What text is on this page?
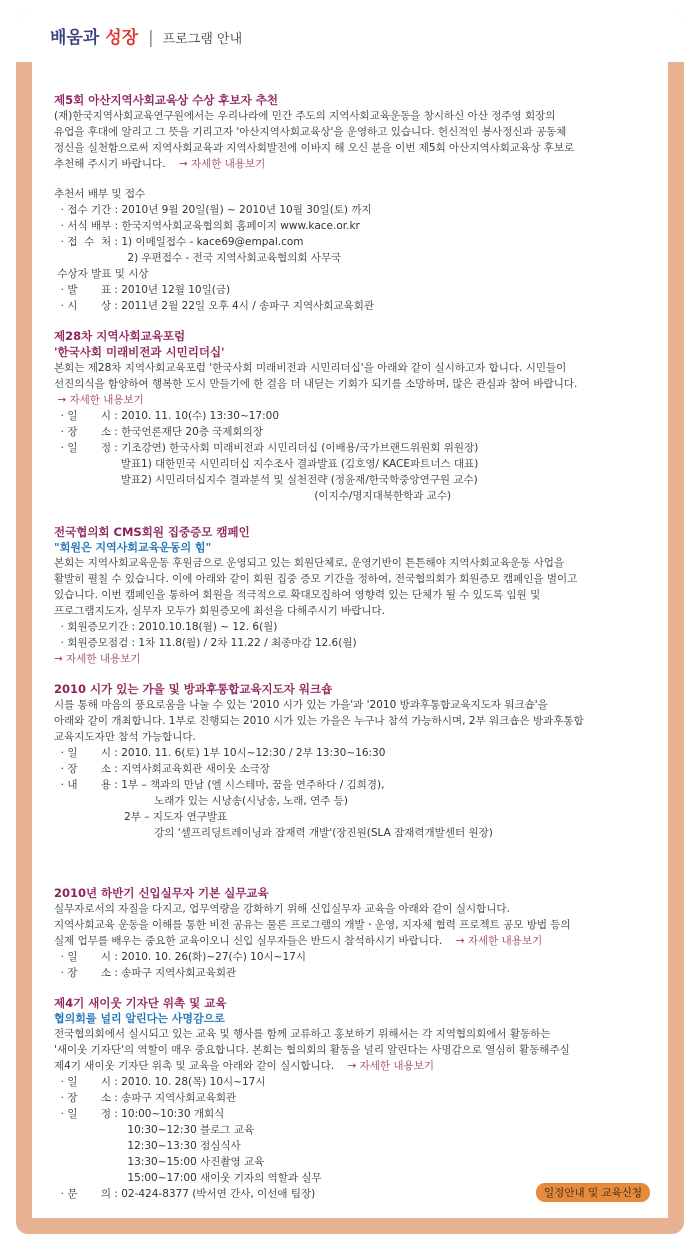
배움과 성장 | 프로그램 안내	▶ Top
제5회 아산지역사회교육상 수상 후보자 추천
(재)한국지역사회교육연구원에서는 우리나라에 민간 주도의 지역사회교육운동을 창시하신 아산 정주영 회장의
유업을 후대에 알리고 그 뜻을 기리고자 '아산지역사회교육상'을 운영하고 있습니다. 헌신적인 봉사정신과 공동체
정신을 실천함으로써 지역사회교육과 지역사회발전에 이바지 해 오신 분을 이번 제5회 아산지역사회교육상 후보로
추천해 주시기 바랍니다. → 자세한 내용보기
추천서 배부 및 접수
· 접수 기간 : 2010년 9월 20일(월) ~ 2010년 10월 30일(토) 까지
· 서식 배부 : 한국지역사회교육협의회 홈페이지 www.kace.or.kr
· 접  수  처 : 1) 이메일접수 - kace69@empal.com
2) 우편접수 - 전국 지역사회교육협의회 사무국
수상자 발표 및 시상
· 발       표 : 2010년 12월 10일(금)
· 시       상 : 2011년 2월 22일 오후 4시 / 송파구 지역사회교육회관
제28차 지역사회교육포럼
'한국사회 미래비전과 시민리더십'
본회는 제28차 지역사회교육포럼 '한국사회 미래비전과 시민리더십'을 아래와 같이 실시하고자 합니다. 시민들이
선진의식을 함양하여 행복한 도시 만들기에 한 걸음 더 내딛는 기회가 되기를 소망하며, 많은 관심과 참여 바랍니다.
→ 자세한 내용보기
· 일       시 : 2010. 11. 10(수) 13:30~17:00
· 장       소 : 한국언론재단 20층 국제회의장
· 일       정 : 기조강연) 한국사회 미래비전과 시민리더십 (이배용/국가브랜드위원회 위원장)
발표1) 대한민국 시민리더십 지수조사 결과발표 (김호영/ KACE파트너스 대표)
발표2) 시민리더십지수 결과분석 및 실천전략 (정윤재/한국학중앙연구원 교수)
(이지수/명지대북한학과 교수)
전국협의회 CMS회원 집중증모 캠페인
"회원은 지역사회교육운동의 힘"
본회는 지역사회교육운동 후원금으로 운영되고 있는 회원단체로, 운영기반이 튼튼해야 지역사회교육운동 사업을
활발히 펼칠 수 있습니다. 이에 아래와 같이 회원 집중 증모 기간을 정하여, 전국협의회가 회원증모 캠페인을 벌이고
있습니다. 이번 캠페인을 통하여 회원을 적극적으로 확대모집하여 영향력 있는 단체가 될 수 있도록 임원 및
프로그램지도자, 실무자 모두가 회원증모에 최선을 다해주시기 바랍니다.
· 회원증모기간 : 2010.10.18(월) ~ 12. 6(월)
· 회원증모점검 : 1차 11.8(월) / 2차 11.22 / 최종마감 12.6(월)
→ 자세한 내용보기
2010 시가 있는 가을 및 방과후통합교육지도자 워크숍
시를 통해 마음의 풍요로움을 나눌 수 있는 '2010 시가 있는 가을'과 '2010 방과후통합교육지도자 워크숍'을
아래와 같이 개최합니다. 1부로 진행되는 2010 시가 있는 가을은 누구나 참석 가능하시며, 2부 워크숍은 방과후통합
교육지도자만 참석 가능합니다.
· 일       시 : 2010. 11. 6(토) 1부 10시~12:30 / 2부 13:30~16:30
· 장       소 : 지역사회교육회관 새이웃 소극장
· 내       용 : 1부 – 책과의 만남 (엘 시스테마, 꿈을 연주하다 / 김희경),
노래가 있는 시낭송(시낭송, 노래, 연주 등)
2부 – 지도자 연구발표
강의 '셀프리딩트레이닝과 잠재력 개발'(장진원(SLA 잠재력개발센터 원장)
2010년 하반기 신입실무자 기본 실무교육
실무자로서의 자질을 다지고, 업무역량을 강화하기 위해 신입실무자 교육을 아래와 같이 실시합니다.
지역사회교육 운동을 이해를 통한 비전 공유는 물론 프로그램의 개발ㆍ운영, 지자체 협력 프로젝트 공모 방법 등의
실제 업무를 배우는 중요한 교육이오니 신입 실무자들은 반드시 참석하시기 바랍니다. → 자세한 내용보기
· 일       시 : 2010. 10. 26(화)~27(수) 10시~17시
· 장       소 : 송파구 지역사회교육회관
제4기 새이웃 기자단 위촉 및 교육
협의회를 널리 알린다는 사명감으로
전국협의회에서 실시되고 있는 교육 및 행사를 함께 교류하고 홍보하기 위해서는 각 지역협의회에서 활동하는
'새이웃 기자단'의 역할이 매우 중요합니다. 본회는 협의회의 활동을 널리 알린다는 사명감으로 열심히 활동해주실
제4기 새이웃 기자단 위촉 및 교육을 아래와 같이 실시합니다. → 자세한 내용보기
· 일       시 : 2010. 10. 28(목) 10시~17시
· 장       소 : 송파구 지역사회교육회관
· 일       정 : 10:00~10:30 개회식
10:30~12:30 블로그 교육
12:30~13:30 점심식사
13:30~15:00 사진촬영 교육
15:00~17:00 새이웃 기자의 역할과 실무
· 문       의 : 02-424-8377 (박서연 간사, 이선애 팀장)	일정안내 및 교육신청
